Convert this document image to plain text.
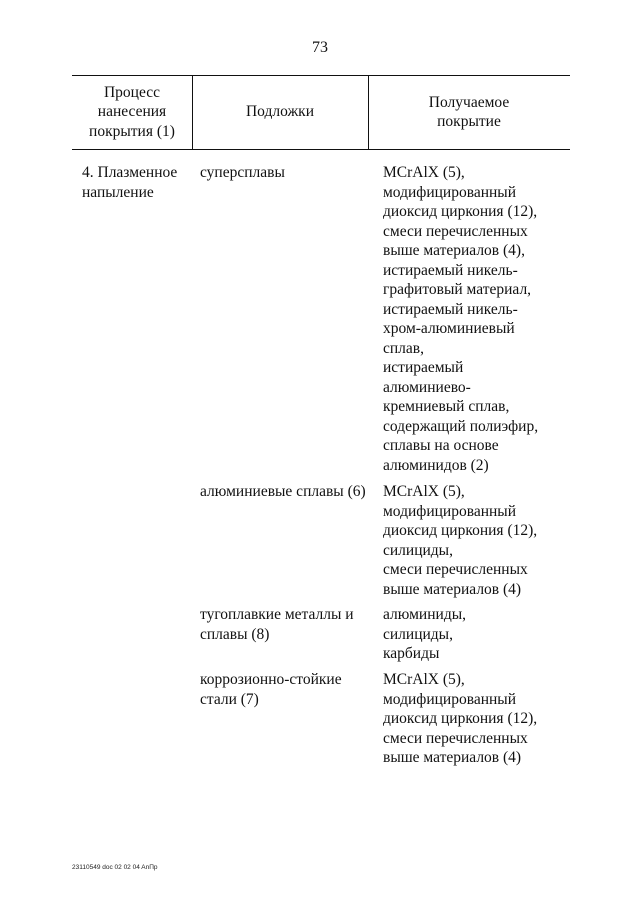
73
Процесс
нанесения
покрытия (1)
Подложки
Получаемое
покрытие
4. Плазменное
напыление
суперсплавы	MCrAlX (5),
модифицированный
диоксид циркония (12),
смеси перечисленных
выше материалов (4),
истираемый никель-
графитовый материал,
истираемый никель-
хром-алюминиевый
сплав,
истираемый
алюминиево-
кремниевый сплав,
содержащий полиэфир,
сплавы на основе
алюминидов (2)
алюминиевые сплавы (6)	MCrAlX (5),
модифицированный
диоксид циркония (12),
силициды,
смеси перечисленных
выше материалов (4)
тугоплавкие металлы и
сплавы (8)
алюминиды,
силициды,
карбиды
коррозионно-стойкие
стали (7)
MCrAlX (5),
модифицированный
диоксид циркония (12),
смеси перечисленных
выше материалов (4)
23110549 doc 02 02 04 AnПр
